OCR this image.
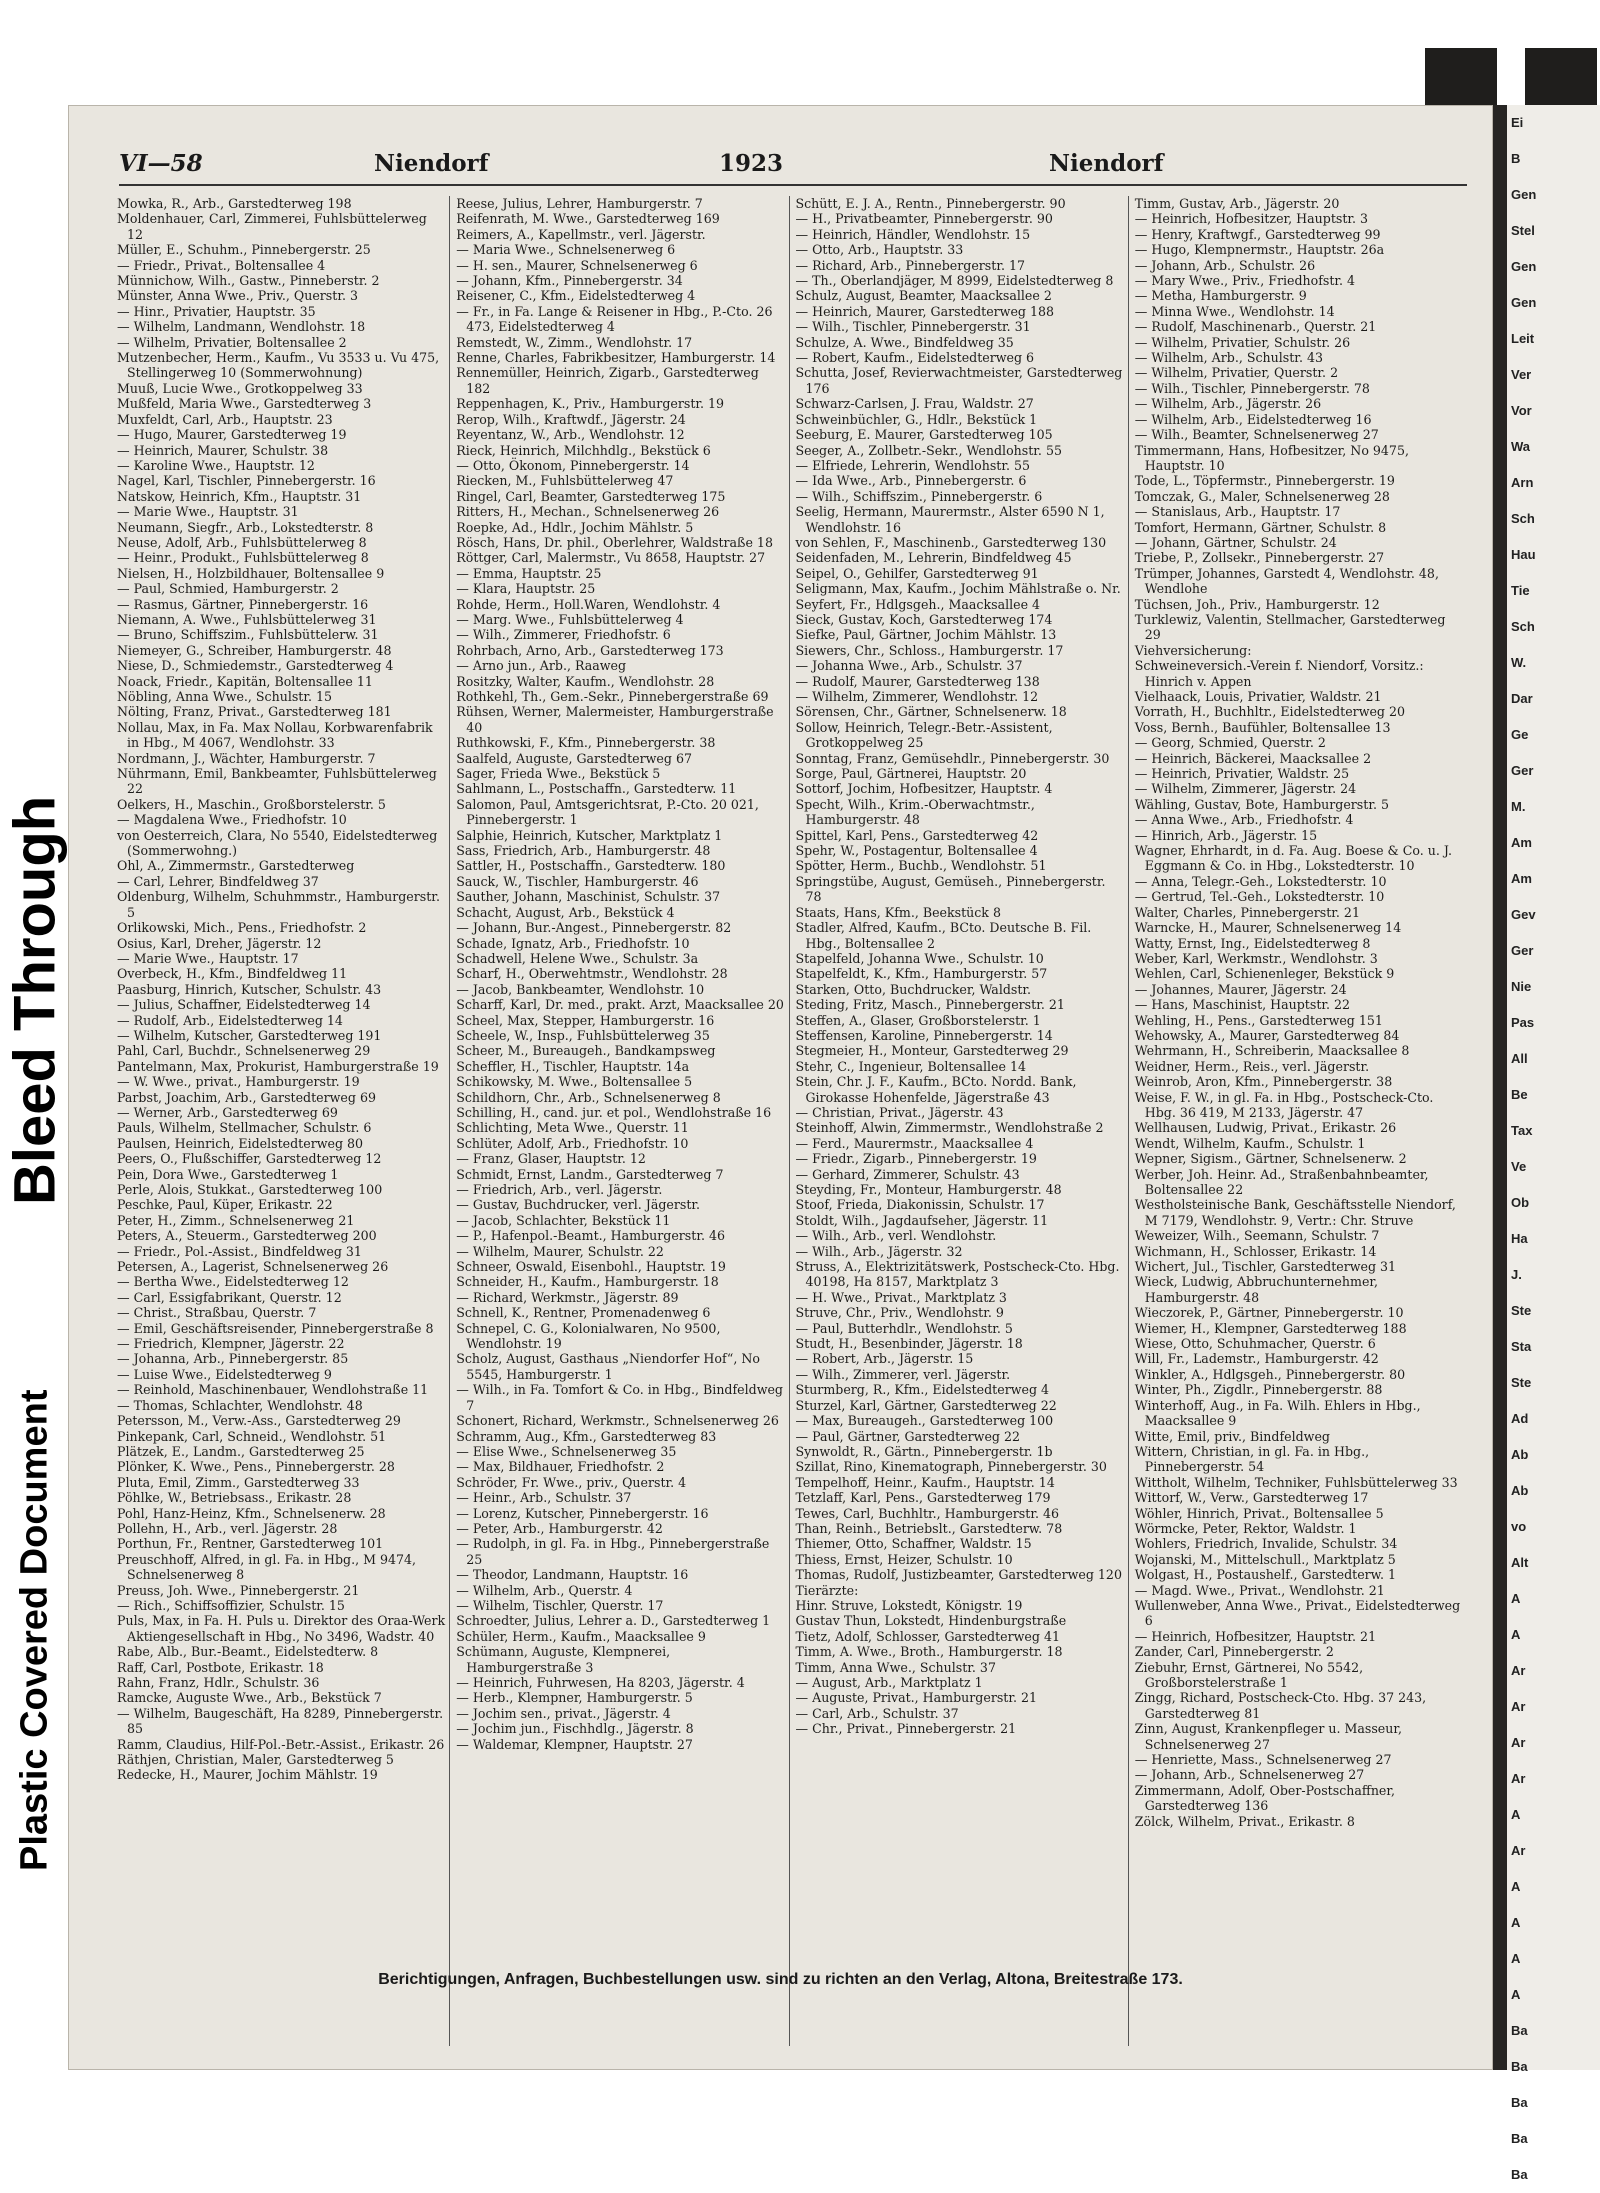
Bleed Through
Plastic Covered Document
VI—58	Niendorf	1923	Niendorf

Mowka, R., Arb., Garstedterweg 198

Moldenhauer, Carl, Zimmerei, Fuhlsbüttelerweg 12

Müller, E., Schuhm., Pinnebergerstr. 25

— Friedr., Privat., Boltensallee 4

Münnichow, Wilh., Gastw., Pinneberstr. 2

Münster, Anna Wwe., Priv., Querstr. 3

— Hinr., Privatier, Hauptstr. 35

— Wilhelm, Landmann, Wendlohstr. 18

— Wilhelm, Privatier, Boltensallee 2

Mutzenbecher, Herm., Kaufm., Vu 3533 u. Vu 475, Stellingerweg 10 (Sommerwohnung)

Muuß, Lucie Wwe., Grotkoppelweg 33

Mußfeld, Maria Wwe., Garstedterweg 3

Muxfeldt, Carl, Arb., Hauptstr. 23

— Hugo, Maurer, Garstedterweg 19

— Heinrich, Maurer, Schulstr. 38

— Karoline Wwe., Hauptstr. 12

Nagel, Karl, Tischler, Pinnebergerstr. 16

Natskow, Heinrich, Kfm., Hauptstr. 31

— Marie Wwe., Hauptstr. 31

Neumann, Siegfr., Arb., Lokstedterstr. 8

Neuse, Adolf, Arb., Fuhlsbüttelerweg 8

— Heinr., Produkt., Fuhlsbüttelerweg 8

Nielsen, H., Holzbildhauer, Boltensallee 9

— Paul, Schmied, Hamburgerstr. 2

— Rasmus, Gärtner, Pinnebergerstr. 16

Niemann, A. Wwe., Fuhlsbüttelerweg 31

— Bruno, Schiffszim., Fuhlsbüttelerw. 31

Niemeyer, G., Schreiber, Hamburgerstr. 48

Niese, D., Schmiedemstr., Garstedterweg 4

Noack, Friedr., Kapitän, Boltensallee 11

Nöbling, Anna Wwe., Schulstr. 15

Nölting, Franz, Privat., Garstedterweg 181

Nollau, Max, in Fa. Max Nollau, Korbwarenfabrik in Hbg., M 4067, Wendlohstr. 33

Nordmann, J., Wächter, Hamburgerstr. 7

Nührmann, Emil, Bankbeamter, Fuhlsbüttelerweg 22

Oelkers, H., Maschin., Großborstelerstr. 5

— Magdalena Wwe., Friedhofstr. 10

von Oesterreich, Clara, No 5540, Eidelstedterweg (Sommerwohng.)

Ohl, A., Zimmermstr., Garstedterweg

— Carl, Lehrer, Bindfeldweg 37

Oldenburg, Wilhelm, Schuhmmstr., Hamburgerstr. 5

Orlikowski, Mich., Pens., Friedhofstr. 2

Osius, Karl, Dreher, Jägerstr. 12

— Marie Wwe., Hauptstr. 17

Overbeck, H., Kfm., Bindfeldweg 11

Paasburg, Hinrich, Kutscher, Schulstr. 43

— Julius, Schaffner, Eidelstedterweg 14

— Rudolf, Arb., Eidelstedterweg 14

— Wilhelm, Kutscher, Garstedterweg 191

Pahl, Carl, Buchdr., Schnelsenerweg 29

Pantelmann, Max, Prokurist, Hamburgerstraße 19

— W. Wwe., privat., Hamburgerstr. 19

Parbst, Joachim, Arb., Garstedterweg 69

— Werner, Arb., Garstedterweg 69

Pauls, Wilhelm, Stellmacher, Schulstr. 6

Paulsen, Heinrich, Eidelstedterweg 80

Peers, O., Flußschiffer, Garstedterweg 12

Pein, Dora Wwe., Garstedterweg 1

Perle, Alois, Stukkat., Garstedterweg 100

Peschke, Paul, Küper, Erikastr. 22

Peter, H., Zimm., Schnelsenerweg 21

Peters, A., Steuerm., Garstedterweg 200

— Friedr., Pol.-Assist., Bindfeldweg 31

Petersen, A., Lagerist, Schnelsenerweg 26

— Bertha Wwe., Eidelstedterweg 12

— Carl, Essigfabrikant, Querstr. 12

— Christ., Straßbau, Querstr. 7

— Emil, Geschäftsreisender, Pinnebergerstraße 8

— Friedrich, Klempner, Jägerstr. 22

— Johanna, Arb., Pinnebergerstr. 85

— Luise Wwe., Eidelstedterweg 9

— Reinhold, Maschinenbauer, Wendlohstraße 11

— Thomas, Schlachter, Wendlohstr. 48

Petersson, M., Verw.-Ass., Garstedterweg 29

Pinkepank, Carl, Schneid., Wendlohstr. 51

Plätzek, E., Landm., Garstedterweg 25

Plönker, K. Wwe., Pens., Pinnebergerstr. 28

Pluta, Emil, Zimm., Garstedterweg 33

Pöhlke, W., Betriebsass., Erikastr. 28

Pohl, Hanz-Heinz, Kfm., Schnelsenerw. 28

Pollehn, H., Arb., verl. Jägerstr. 28

Porthun, Fr., Rentner, Garstedterweg 101

Preuschhoff, Alfred, in gl. Fa. in Hbg., M 9474, Schnelsenerweg 8

Preuss, Joh. Wwe., Pinnebergerstr. 21

— Rich., Schiffsoffizier, Schulstr. 15

Puls, Max, in Fa. H. Puls u. Direktor des Oraa-Werk Aktiengesellschaft in Hbg., No 3496, Wadstr. 40

Rabe, Alb., Bur.-Beamt., Eidelstedterw. 8

Raff, Carl, Postbote, Erikastr. 18

Rahn, Franz, Hdlr., Schulstr. 36

Ramcke, Auguste Wwe., Arb., Bekstück 7

— Wilhelm, Baugeschäft, Ha 8289, Pinnebergerstr. 85

Ramm, Claudius, Hilf-Pol.-Betr.-Assist., Erikastr. 26

Räthjen, Christian, Maler, Garstedterweg 5

Redecke, H., Maurer, Jochim Mählstr. 19

Reese, Julius, Lehrer, Hamburgerstr. 7

Reifenrath, M. Wwe., Garstedterweg 169

Reimers, A., Kapellmstr., verl. Jägerstr.

— Maria Wwe., Schnelsenerweg 6

— H. sen., Maurer, Schnelsenerweg 6

— Johann, Kfm., Pinnebergerstr. 34

Reisener, C., Kfm., Eidelstedterweg 4

— Fr., in Fa. Lange & Reisener in Hbg., P.-Cto. 26 473, Eidelstedterweg 4

Remstedt, W., Zimm., Wendlohstr. 17

Renne, Charles, Fabrikbesitzer, Hamburgerstr. 14

Rennemüller, Heinrich, Zigarb., Garstedterweg 182

Reppenhagen, K., Priv., Hamburgerstr. 19

Rerop, Wilh., Kraftwdf., Jägerstr. 24

Reyentanz, W., Arb., Wendlohstr. 12

Rieck, Heinrich, Milchhdlg., Bekstück 6

— Otto, Ökonom, Pinnebergerstr. 14

Riecken, M., Fuhlsbüttelerweg 47

Ringel, Carl, Beamter, Garstedterweg 175

Ritters, H., Mechan., Schnelsenerweg 26

Roepke, Ad., Hdlr., Jochim Mählstr. 5

Rösch, Hans, Dr. phil., Oberlehrer, Waldstraße 18

Röttger, Carl, Malermstr., Vu 8658, Hauptstr. 27

— Emma, Hauptstr. 25

— Klara, Hauptstr. 25

Rohde, Herm., Holl.Waren, Wendlohstr. 4

— Marg. Wwe., Fuhlsbüttelerweg 4

— Wilh., Zimmerer, Friedhofstr. 6

Rohrbach, Arno, Arb., Garstedterweg 173

— Arno jun., Arb., Raaweg

Rositzky, Walter, Kaufm., Wendlohstr. 28

Rothkehl, Th., Gem.-Sekr., Pinnebergerstraße 69

Rühsen, Werner, Malermeister, Hamburgerstraße 40

Ruthkowski, F., Kfm., Pinnebergerstr. 38

Saalfeld, Auguste, Garstedterweg 67

Sager, Frieda Wwe., Bekstück 5

Sahlmann, L., Postschaffn., Garstedterw. 11

Salomon, Paul, Amtsgerichtsrat, P.-Cto. 20 021, Pinnebergerstr. 1

Salphie, Heinrich, Kutscher, Marktplatz 1

Sass, Friedrich, Arb., Hamburgerstr. 48

Sattler, H., Postschaffn., Garstedterw. 180

Sauck, W., Tischler, Hamburgerstr. 46

Sauther, Johann, Maschinist, Schulstr. 37

Schacht, August, Arb., Bekstück 4

— Johann, Bur.-Angest., Pinnebergerstr. 82

Schade, Ignatz, Arb., Friedhofstr. 10

Schadwell, Helene Wwe., Schulstr. 3a

Scharf, H., Oberwehtmstr., Wendlohstr. 28

— Jacob, Bankbeamter, Wendlohstr. 10

Scharff, Karl, Dr. med., prakt. Arzt, Maacksallee 20

Scheel, Max, Stepper, Hamburgerstr. 16

Scheele, W., Insp., Fuhlsbüttelerweg 35

Scheer, M., Bureaugeh., Bandkampsweg

Scheffler, H., Tischler, Hauptstr. 14a

Schikowsky, M. Wwe., Boltensallee 5

Schildhorn, Chr., Arb., Schnelsenerweg 8

Schilling, H., cand. jur. et pol., Wendlohstraße 16

Schlichting, Meta Wwe., Querstr. 11

Schlüter, Adolf, Arb., Friedhofstr. 10

— Franz, Glaser, Hauptstr. 12

Schmidt, Ernst, Landm., Garstedterweg 7

— Friedrich, Arb., verl. Jägerstr.

— Gustav, Buchdrucker, verl. Jägerstr.

— Jacob, Schlachter, Bekstück 11

— P., Hafenpol.-Beamt., Hamburgerstr. 46

— Wilhelm, Maurer, Schulstr. 22

Schneer, Oswald, Eisenbohl., Hauptstr. 19

Schneider, H., Kaufm., Hamburgerstr. 18

— Richard, Werkmstr., Jägerstr. 89

Schnell, K., Rentner, Promenadenweg 6

Schnepel, C. G., Kolonialwaren, No 9500, Wendlohstr. 19

Scholz, August, Gasthaus „Niendorfer Hof“, No 5545, Hamburgerstr. 1

— Wilh., in Fa. Tomfort & Co. in Hbg., Bindfeldweg 7

Schonert, Richard, Werkmstr., Schnelsenerweg 26

Schramm, Aug., Kfm., Garstedterweg 83

— Elise Wwe., Schnelsenerweg 35

— Max, Bildhauer, Friedhofstr. 2

Schröder, Fr. Wwe., priv., Querstr. 4

— Heinr., Arb., Schulstr. 37

— Lorenz, Kutscher, Pinnebergerstr. 16

— Peter, Arb., Hamburgerstr. 42

— Rudolph, in gl. Fa. in Hbg., Pinnebergerstraße 25

— Theodor, Landmann, Hauptstr. 16

— Wilhelm, Arb., Querstr. 4

— Wilhelm, Tischler, Querstr. 17

Schroedter, Julius, Lehrer a. D., Garstedterweg 1

Schüler, Herm., Kaufm., Maacksallee 9

Schümann, Auguste, Klempnerei, Hamburgerstraße 3

— Heinrich, Fuhrwesen, Ha 8203, Jägerstr. 4

— Herb., Klempner, Hamburgerstr. 5

— Jochim sen., privat., Jägerstr. 4

— Jochim jun., Fischhdlg., Jägerstr. 8

— Waldemar, Klempner, Hauptstr. 27

Schütt, E. J. A., Rentn., Pinnebergerstr. 90

— H., Privatbeamter, Pinnebergerstr. 90

— Heinrich, Händler, Wendlohstr. 15

— Otto, Arb., Hauptstr. 33

— Richard, Arb., Pinnebergerstr. 17

— Th., Oberlandjäger, M 8999, Eidelstedterweg 8

Schulz, August, Beamter, Maacksallee 2

— Heinrich, Maurer, Garstedterweg 188

— Wilh., Tischler, Pinnebergerstr. 31

Schulze, A. Wwe., Bindfeldweg 35

— Robert, Kaufm., Eidelstedterweg 6

Schutta, Josef, Revierwachtmeister, Garstedterweg 176

Schwarz-Carlsen, J. Frau, Waldstr. 27

Schweinbüchler, G., Hdlr., Bekstück 1

Seeburg, E. Maurer, Garstedterweg 105

Seeger, A., Zollbetr.-Sekr., Wendlohstr. 55

— Elfriede, Lehrerin, Wendlohstr. 55

— Ida Wwe., Arb., Pinnebergerstr. 6

— Wilh., Schiffszim., Pinnebergerstr. 6

Seelig, Hermann, Maurermstr., Alster 6590 N 1, Wendlohstr. 16

von Sehlen, F., Maschinenb., Garstedterweg 130

Seidenfaden, M., Lehrerin, Bindfeldweg 45

Seipel, O., Gehilfer, Garstedterweg 91

Seligmann, Max, Kaufm., Jochim Mählstraße o. Nr.

Seyfert, Fr., Hdlgsgeh., Maacksallee 4

Sieck, Gustav, Koch, Garstedterweg 174

Siefke, Paul, Gärtner, Jochim Mählstr. 13

Siewers, Chr., Schloss., Hamburgerstr. 17

— Johanna Wwe., Arb., Schulstr. 37

— Rudolf, Maurer, Garstedterweg 138

— Wilhelm, Zimmerer, Wendlohstr. 12

Sörensen, Chr., Gärtner, Schnelsenerw. 18

Sollow, Heinrich, Telegr.-Betr.-Assistent, Grotkoppelweg 25

Sonntag, Franz, Gemüsehdlr., Pinnebergerstr. 30

Sorge, Paul, Gärtnerei, Hauptstr. 20

Sottorf, Jochim, Hofbesitzer, Hauptstr. 4

Specht, Wilh., Krim.-Oberwachtmstr., Hamburgerstr. 48

Spittel, Karl, Pens., Garstedterweg 42

Spehr, W., Postagentur, Boltensallee 4

Spötter, Herm., Buchb., Wendlohstr. 51

Springstübe, August, Gemüseh., Pinnebergerstr. 78

Staats, Hans, Kfm., Beekstück 8

Stadler, Alfred, Kaufm., BCto. Deutsche B. Fil. Hbg., Boltensallee 2

Stapelfeld, Johanna Wwe., Schulstr. 10

Stapelfeldt, K., Kfm., Hamburgerstr. 57

Starken, Otto, Buchdrucker, Waldstr.

Steding, Fritz, Masch., Pinnebergerstr. 21

Steffen, A., Glaser, Großborstelerstr. 1

Steffensen, Karoline, Pinnebergerstr. 14

Stegmeier, H., Monteur, Garstedterweg 29

Stehr, C., Ingenieur, Boltensallee 14

Stein, Chr. J. F., Kaufm., BCto. Nordd. Bank, Girokasse Hohenfelde, Jägerstraße 43

— Christian, Privat., Jägerstr. 43

Steinhoff, Alwin, Zimmermstr., Wendlohstraße 2

— Ferd., Maurermstr., Maacksallee 4

— Friedr., Zigarb., Pinnebergerstr. 19

— Gerhard, Zimmerer, Schulstr. 43

Steyding, Fr., Monteur, Hamburgerstr. 48

Stoof, Frieda, Diakonissin, Schulstr. 17

Stoldt, Wilh., Jagdaufseher, Jägerstr. 11

— Wilh., Arb., verl. Wendlohstr.

— Wilh., Arb., Jägerstr. 32

Struss, A., Elektrizitätswerk, Postscheck-Cto. Hbg. 40198, Ha 8157, Marktplatz 3

— H. Wwe., Privat., Marktplatz 3

Struve, Chr., Priv., Wendlohstr. 9

— Paul, Butterhdlr., Wendlohstr. 5

Studt, H., Besenbinder, Jägerstr. 18

— Robert, Arb., Jägerstr. 15

— Wilh., Zimmerer, verl. Jägerstr.

Sturmberg, R., Kfm., Eidelstedterweg 4

Sturzel, Karl, Gärtner, Garstedterweg 22

— Max, Bureaugeh., Garstedterweg 100

— Paul, Gärtner, Garstedterweg 22

Synwoldt, R., Gärtn., Pinnebergerstr. 1b

Szillat, Rino, Kinematograph, Pinnebergerstr. 30

Tempelhoff, Heinr., Kaufm., Hauptstr. 14

Tetzlaff, Karl, Pens., Garstedterweg 179

Tewes, Carl, Buchhltr., Hamburgerstr. 46

Than, Reinh., Betriebslt., Garstedterw. 78

Thiemer, Otto, Schaffner, Waldstr. 15

Thiess, Ernst, Heizer, Schulstr. 10

Thomas, Rudolf, Justizbeamter, Garstedterweg 120

Tierärzte:

Hinr. Struve, Lokstedt, Königstr. 19

Gustav Thun, Lokstedt, Hindenburgstraße

Tietz, Adolf, Schlosser, Garstedterweg 41

Timm, A. Wwe., Broth., Hamburgerstr. 18

Timm, Anna Wwe., Schulstr. 37

— August, Arb., Marktplatz 1

— Auguste, Privat., Hamburgerstr. 21

— Carl, Arb., Schulstr. 37

— Chr., Privat., Pinnebergerstr. 21

Timm, Gustav, Arb., Jägerstr. 20

— Heinrich, Hofbesitzer, Hauptstr. 3

— Henry, Kraftwgf., Garstedterweg 99

— Hugo, Klempnermstr., Hauptstr. 26a

— Johann, Arb., Schulstr. 26

— Mary Wwe., Priv., Friedhofstr. 4

— Metha, Hamburgerstr. 9

— Minna Wwe., Wendlohstr. 14

— Rudolf, Maschinenarb., Querstr. 21

— Wilhelm, Privatier, Schulstr. 26

— Wilhelm, Arb., Schulstr. 43

— Wilhelm, Privatier, Querstr. 2

— Wilh., Tischler, Pinnebergerstr. 78

— Wilhelm, Arb., Jägerstr. 26

— Wilhelm, Arb., Eidelstedterweg 16

— Wilh., Beamter, Schnelsenerweg 27

Timmermann, Hans, Hofbesitzer, No 9475, Hauptstr. 10

Tode, L., Töpfermstr., Pinnebergerstr. 19

Tomczak, G., Maler, Schnelsenerweg 28

— Stanislaus, Arb., Hauptstr. 17

Tomfort, Hermann, Gärtner, Schulstr. 8

— Johann, Gärtner, Schulstr. 24

Triebe, P., Zollsekr., Pinnebergerstr. 27

Trümper, Johannes, Garstedt 4, Wendlohstr. 48, Wendlohe

Tüchsen, Joh., Priv., Hamburgerstr. 12

Turklewiz, Valentin, Stellmacher, Garstedterweg 29

Viehversicherung:

Schweineversich.-Verein f. Niendorf, Vorsitz.: Hinrich v. Appen

Vielhaack, Louis, Privatier, Waldstr. 21

Vorrath, H., Buchhltr., Eidelstedterweg 20

Voss, Bernh., Baufühler, Boltensallee 13

— Georg, Schmied, Querstr. 2

— Heinrich, Bäckerei, Maacksallee 2

— Heinrich, Privatier, Waldstr. 25

— Wilhelm, Zimmerer, Jägerstr. 24

Wähling, Gustav, Bote, Hamburgerstr. 5

— Anna Wwe., Arb., Friedhofstr. 4

— Hinrich, Arb., Jägerstr. 15

Wagner, Ehrhardt, in d. Fa. Aug. Boese & Co. u. J. Eggmann & Co. in Hbg., Lokstedterstr. 10

— Anna, Telegr.-Geh., Lokstedterstr. 10

— Gertrud, Tel.-Geh., Lokstedterstr. 10

Walter, Charles, Pinnebergerstr. 21

Warncke, H., Maurer, Schnelsenerweg 14

Watty, Ernst, Ing., Eidelstedterweg 8

Weber, Karl, Werkmstr., Wendlohstr. 3

Wehlen, Carl, Schienenleger, Bekstück 9

— Johannes, Maurer, Jägerstr. 24

— Hans, Maschinist, Hauptstr. 22

Wehling, H., Pens., Garstedterweg 151

Wehowsky, A., Maurer, Garstedterweg 84

Wehrmann, H., Schreiberin, Maacksallee 8

Weidner, Herm., Reis., verl. Jägerstr.

Weinrob, Aron, Kfm., Pinnebergerstr. 38

Weise, F. W., in gl. Fa. in Hbg., Postscheck-Cto. Hbg. 36 419, M 2133, Jägerstr. 47

Wellhausen, Ludwig, Privat., Erikastr. 26

Wendt, Wilhelm, Kaufm., Schulstr. 1

Wepner, Sigism., Gärtner, Schnelsenerw. 2

Werber, Joh. Heinr. Ad., Straßenbahnbeamter, Boltensallee 22

Westholsteinische Bank, Geschäftsstelle Niendorf, M 7179, Wendlohstr. 9, Vertr.: Chr. Struve

Weweizer, Wilh., Seemann, Schulstr. 7

Wichmann, H., Schlosser, Erikastr. 14

Wichert, Jul., Tischler, Garstedterweg 31

Wieck, Ludwig, Abbruchunternehmer, Hamburgerstr. 48

Wieczorek, P., Gärtner, Pinnebergerstr. 10

Wiemer, H., Klempner, Garstedterweg 188

Wiese, Otto, Schuhmacher, Querstr. 6

Will, Fr., Lademstr., Hamburgerstr. 42

Winkler, A., Hdlgsgeh., Pinnebergerstr. 80

Winter, Ph., Zigdlr., Pinnebergerstr. 88

Winterhoff, Aug., in Fa. Wilh. Ehlers in Hbg., Maacksallee 9

Witte, Emil, priv., Bindfeldweg

Wittern, Christian, in gl. Fa. in Hbg., Pinnebergerstr. 54

Wittholt, Wilhelm, Techniker, Fuhlsbüttelerweg 33

Wittorf, W., Verw., Garstedterweg 17

Wöhler, Hinrich, Privat., Boltensallee 5

Wörmcke, Peter, Rektor, Waldstr. 1

Wohlers, Friedrich, Invalide, Schulstr. 34

Wojanski, M., Mittelschull., Marktplatz 5

Wolgast, H., Postaushelf., Garstedterw. 1

— Magd. Wwe., Privat., Wendlohstr. 21

Wullenweber, Anna Wwe., Privat., Eidelstedterweg 6

— Heinrich, Hofbesitzer, Hauptstr. 21

Zander, Carl, Pinnebergerstr. 2

Ziebuhr, Ernst, Gärtnerei, No 5542, Großborstelerstraße 1

Zingg, Richard, Postscheck-Cto. Hbg. 37 243, Garstedterweg 81

Zinn, August, Krankenpfleger u. Masseur, Schnelsenerweg 27

— Henriette, Mass., Schnelsenerweg 27

— Johann, Arb., Schnelsenerweg 27

Zimmermann, Adolf, Ober-Postschaffner, Garstedterweg 136

Zölck, Wilhelm, Privat., Erikastr. 8

Berichtigungen, Anfragen, Buchbestellungen usw. sind zu richten an den Verlag, Altona, Breitestraße 173.
Ei
B
Gen
Stel
Gen
Gen
Leit
Ver
Vor
Wa
Arn
Sch
Hau
Tie
Sch
W.
Dar
Ge
Ger
M.
Am
Am
Gev
Ger
Nie
Pas
All
Be
Tax
Ve
Ob
Ha
J.
Ste
Sta
Ste
Ad
Ab
Ab
vo
Alt
A
A
Ar
Ar
Ar
Ar
A
Ar
A
A
A
A
Ba
Ba
Ba
Ba
Ba
